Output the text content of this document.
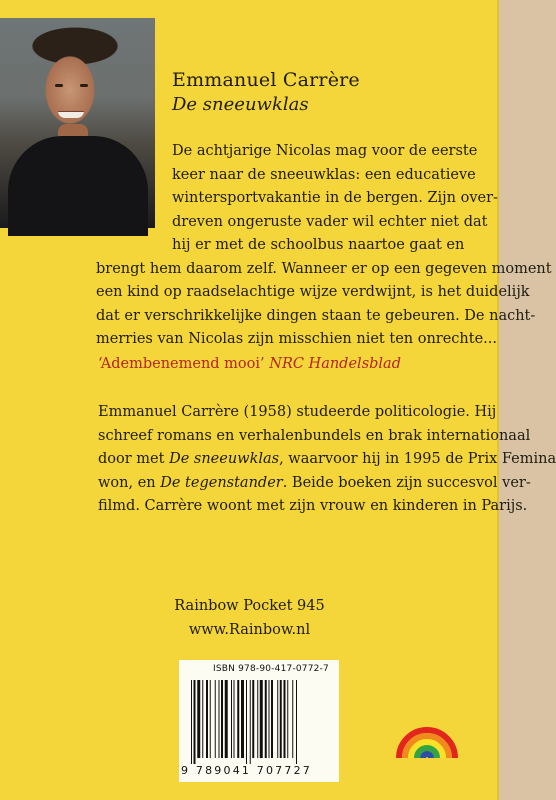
Emmanuel Carrère
De sneeuwklas
De achtjarige Nicolas mag voor de eerste
keer naar de sneeuwklas: een educatieve
wintersportvakantie in de bergen. Zijn over-
dreven ongeruste vader wil echter niet dat
hij er met de schoolbus naartoe gaat en
brengt hem daarom zelf. Wanneer er op een gegeven moment
een kind op raadselachtige wijze verdwijnt, is het duidelijk
dat er verschrikkelijke dingen staan te gebeuren. De nacht-
merries van Nicolas zijn misschien niet ten onrechte...
‘Adembenemend mooi’ NRC Handelsblad
Emmanuel Carrère (1958) studeerde politicologie. Hij
schreef romans en verhalenbundels en brak internationaal
door met De sneeuwklas, waarvoor hij in 1995 de Prix Femina
won, en De tegenstander. Beide boeken zijn succesvol ver-
filmd. Carrère woont met zijn vrouw en kinderen in Parijs.
Rainbow Pocket 945
www.Rainbow.nl
ISBN 978-90-417-0772-7
9 789041 707727
